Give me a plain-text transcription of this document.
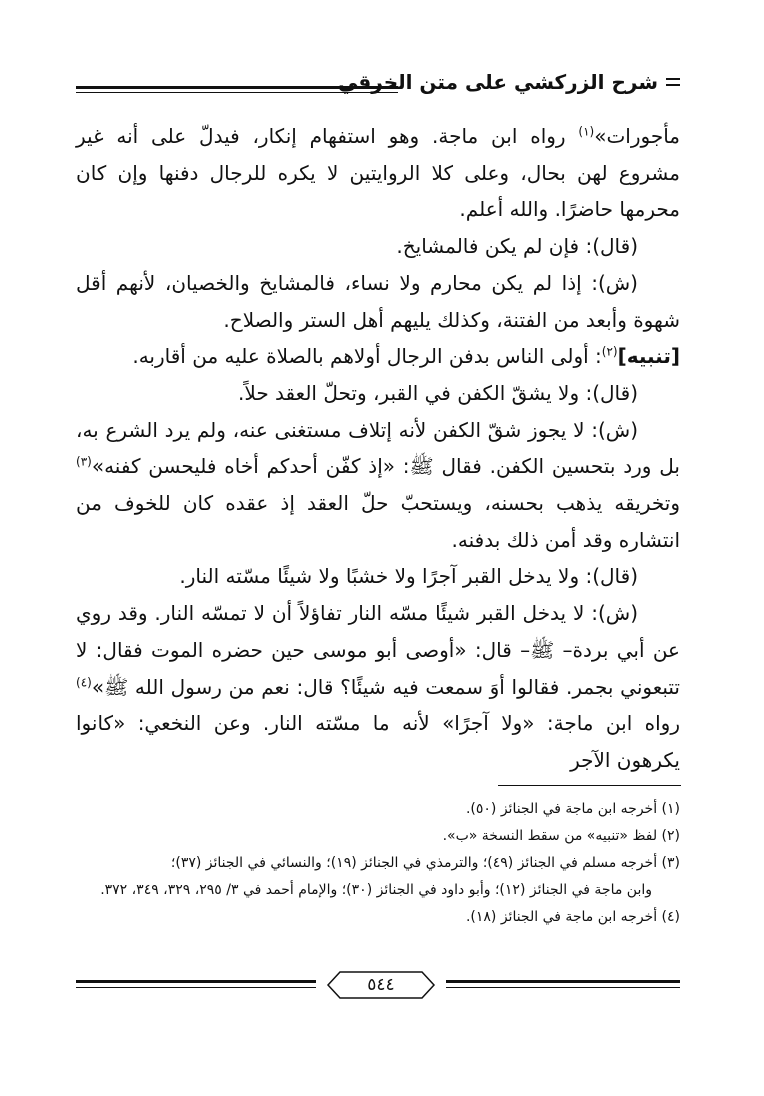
شرح الزركشي على متن الخرقي

مأجورات»$^{(١)}$ رواه ابن ماجة. وهو استفهام إنكار، فيدلّ على أنه غير مشروع لهن بحال، وعلى كلا الروايتين لا يكره للرجال دفنها وإن كان محرمها حاضرًا. والله أعلم.

(قال): فإن لم يكن فالمشايخ.

(ش): إذا لم يكن محارم ولا نساء، فالمشايخ والخصيان، لأنهم أقل شهوة وأبعد من الفتنة، وكذلك يليهم أهل الستر والصلاح.

[تنبيه]$^{(٢)}$: أولى الناس بدفن الرجال أولاهم بالصلاة عليه من أقاربه.

(قال): ولا يشقّ الكفن في القبر، وتحلّ العقد حلاً.

(ش): لا يجوز شقّ الكفن لأنه إتلاف مستغنى عنه، ولم يرد الشرع به، بل ورد بتحسين الكفن. فقال ﷺ: «إذ كفّن أحدكم أخاه فليحسن كفنه»$^{(٣)}$ وتخريقه يذهب بحسنه، ويستحبّ حلّ العقد إذ عقده كان للخوف من انتشاره وقد أمن ذلك بدفنه.

(قال): ولا يدخل القبر آجرًا ولا خشبًا ولا شيئًا مسّته النار.

(ش): لا يدخل القبر شيئًا مسّه النار تفاؤلاً أن لا تمسّه النار. وقد روي عن أبي بردة– ﷺ– قال: «أوصى أبو موسى حين حضره الموت فقال: لا تتبعوني بجمر. فقالوا أوَ سمعت فيه شيئًا؟ قال: نعم من رسول الله ﷺ»$^{(٤)}$ رواه ابن ماجة: «ولا آجرًا» لأنه ما مسّته النار. وعن النخعي: «كانوا يكرهون الآجر

(١) أخرجه ابن ماجة في الجنائز (٥٠).

(٢) لفظ «تنبيه» من سقط النسخة «ب».

(٣) أخرجه مسلم في الجنائز (٤٩)؛ والترمذي في الجنائز (١٩)؛ والنسائي في الجنائز (٣٧)؛

وابن ماجة في الجنائز (١٢)؛ وأبو داود في الجنائز (٣٠)؛ والإمام أحمد في ٣/ ٢٩٥، ٣٢٩، ٣٤٩، ٣٧٢.

(٤) أخرجه ابن ماجة في الجنائز (١٨).

٥٤٤
